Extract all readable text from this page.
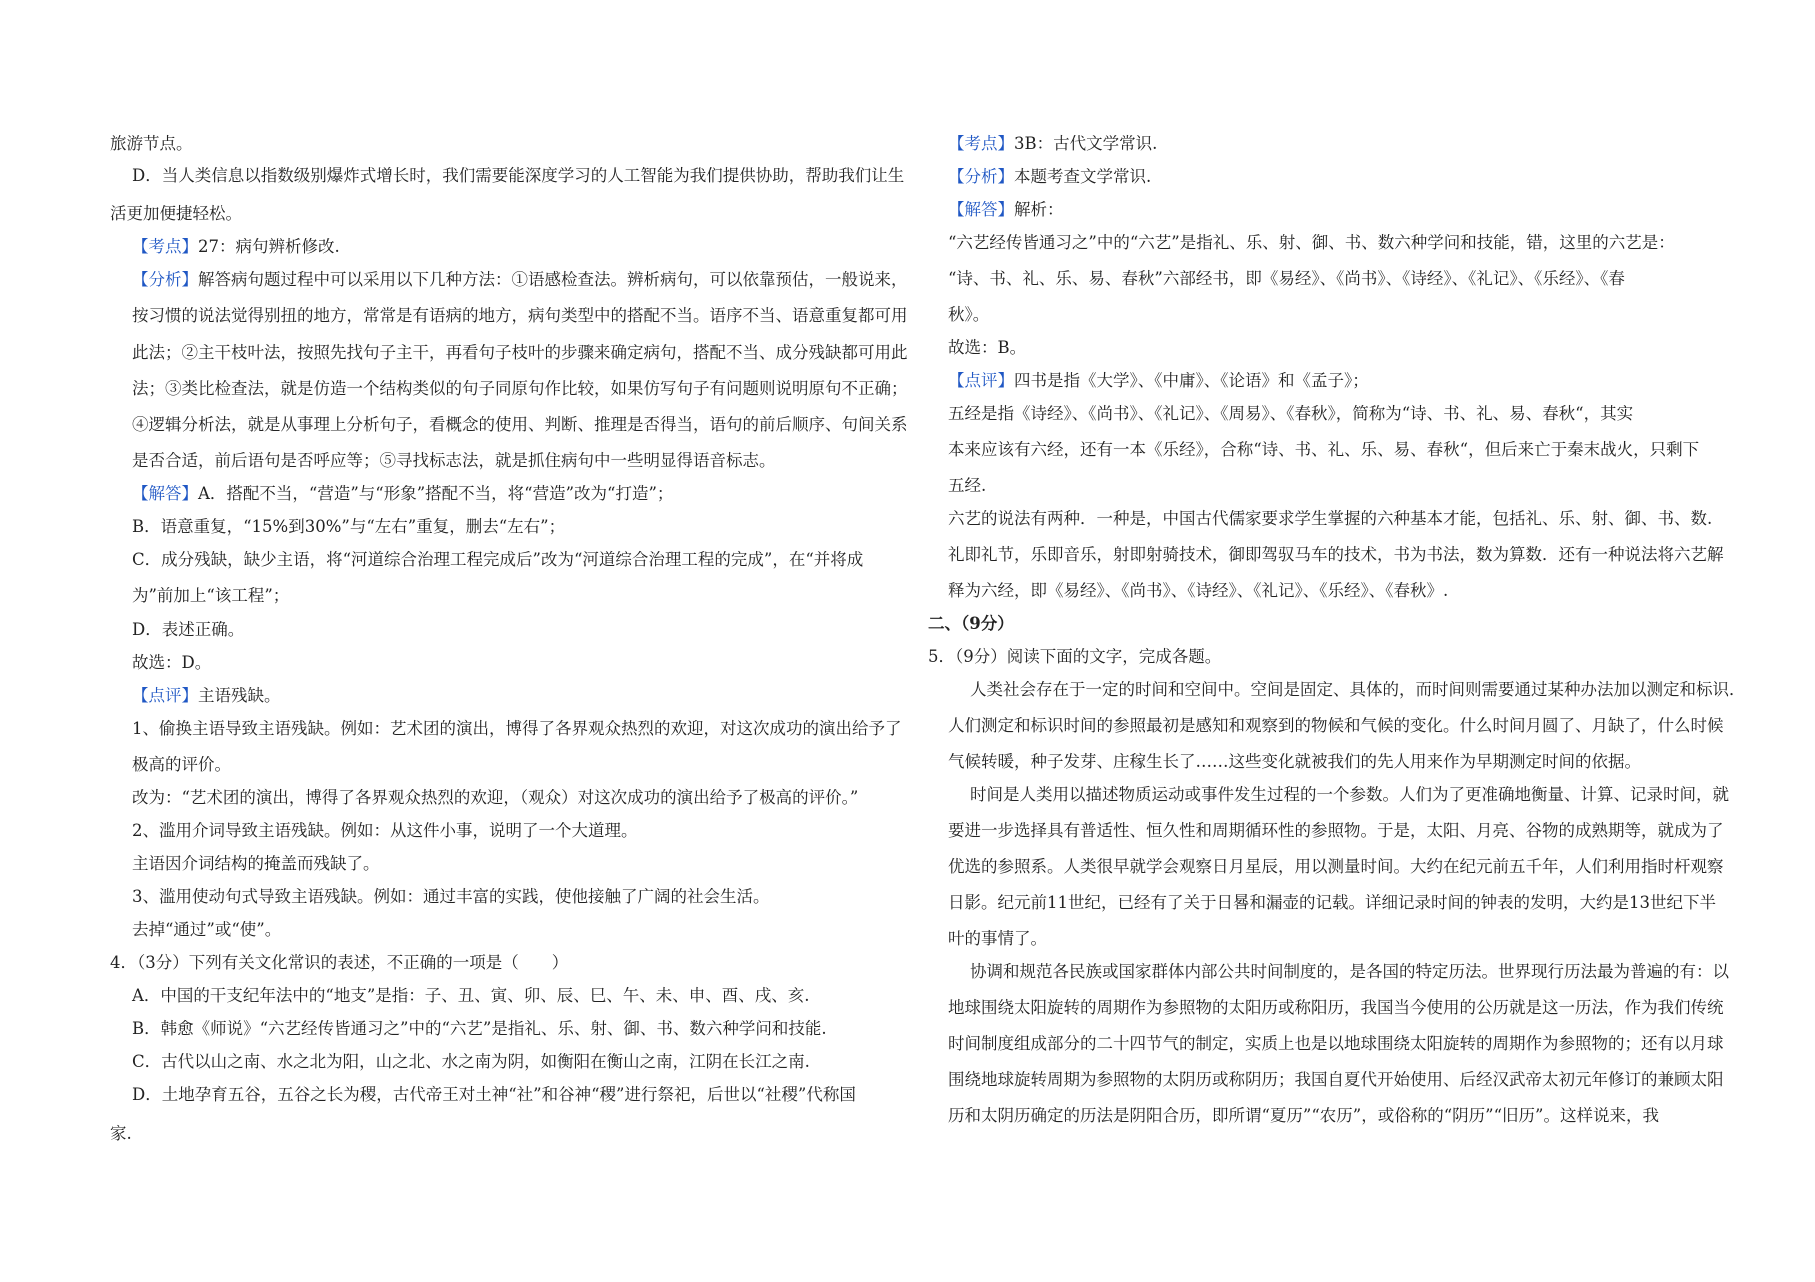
旅游节点。
D．当人类信息以指数级别爆炸式增长时，我们需要能深度学习的人工智能为我们提供协助，帮助我们让生
活更加便捷轻松。
【考点】27：病句辨析修改.
【分析】解答病句题过程中可以采用以下几种方法：①语感检查法。辨析病句，可以依靠预估，一般说来，
按习惯的说法觉得别扭的地方，常常是有语病的地方，病句类型中的搭配不当。语序不当、语意重复都可用
此法；②主干枝叶法，按照先找句子主干，再看句子枝叶的步骤来确定病句，搭配不当、成分残缺都可用此
法；③类比检查法，就是仿造一个结构类似的句子同原句作比较，如果仿写句子有问题则说明原句不正确；
④逻辑分析法，就是从事理上分析句子，看概念的使用、判断、推理是否得当，语句的前后顺序、句间关系
是否合适，前后语句是否呼应等；⑤寻找标志法，就是抓住病句中一些明显得语音标志。
【解答】A．搭配不当，“营造”与“形象”搭配不当，将“营造”改为“打造”；
B．语意重复，“15%到30%”与“左右”重复，删去“左右”；
C．成分残缺，缺少主语，将“河道综合治理工程完成后”改为“河道综合治理工程的完成”，在“并将成
为”前加上“该工程”；
D．表述正确。
故选：D。
【点评】主语残缺。
1、偷换主语导致主语残缺。例如：艺术团的演出，博得了各界观众热烈的欢迎，对这次成功的演出给予了
极高的评价。
改为：“艺术团的演出，博得了各界观众热烈的欢迎，（观众）对这次成功的演出给予了极高的评价。”
2、滥用介词导致主语残缺。例如：从这件小事，说明了一个大道理。
主语因介词结构的掩盖而残缺了。
3、滥用使动句式导致主语残缺。例如：通过丰富的实践，使他接触了广阔的社会生活。
去掉“通过”或“使”。
4．（3分）下列有关文化常识的表述，不正确的一项是（　　）
A．中国的干支纪年法中的“地支”是指：子、丑、寅、卯、辰、巳、午、未、申、酉、戌、亥.
B．韩愈《师说》“六艺经传皆通习之”中的“六艺”是指礼、乐、射、御、书、数六种学问和技能.
C．古代以山之南、水之北为阳，山之北、水之南为阴，如衡阳在衡山之南，江阴在长江之南.
D．土地孕育五谷，五谷之长为稷，古代帝王对土神“社”和谷神“稷”进行祭祀，后世以“社稷”代称国
家.
【考点】3B：古代文学常识.
【分析】本题考查文学常识.
【解答】解析：
“六艺经传皆通习之”中的“六艺”是指礼、乐、射、御、书、数六种学问和技能，错，这里的六艺是：
“诗、书、礼、乐、易、春秋”六部经书，即《易经》、《尚书》、《诗经》、《礼记》、《乐经》、《春
秋》。
故选：B。
【点评】四书是指《大学》、《中庸》、《论语》和《孟子》；
五经是指《诗经》、《尚书》、《礼记》、《周易》、《春秋》，简称为“诗、书、礼、易、春秋“，其实
本来应该有六经，还有一本《乐经》，合称“诗、书、礼、乐、易、春秋“，但后来亡于秦末战火，只剩下
五经.
六艺的说法有两种．一种是，中国古代儒家要求学生掌握的六种基本才能，包括礼、乐、射、御、书、数.
礼即礼节，乐即音乐，射即射骑技术，御即驾驭马车的技术，书为书法，数为算数．还有一种说法将六艺解
释为六经，即《易经》、《尚书》、《诗经》、《礼记》、《乐经》、《春秋》.
二、（9分）
5．（9分）阅读下面的文字，完成各题。
人类社会存在于一定的时间和空间中。空间是固定、具体的，而时间则需要通过某种办法加以测定和标识．
人们测定和标识时间的参照最初是感知和观察到的物候和气候的变化。什么时间月圆了、月缺了，什么时候
气候转暖，种子发芽、庄稼生长了……这些变化就被我们的先人用来作为早期测定时间的依据。
时间是人类用以描述物质运动或事件发生过程的一个参数。人们为了更准确地衡量、计算、记录时间，就
要进一步选择具有普适性、恒久性和周期循环性的参照物。于是，太阳、月亮、谷物的成熟期等，就成为了
优选的参照系。人类很早就学会观察日月星辰，用以测量时间。大约在纪元前五千年，人们利用指时杆观察
日影。纪元前11世纪，已经有了关于日晷和漏壶的记载。详细记录时间的钟表的发明，大约是13世纪下半
叶的事情了。
协调和规范各民族或国家群体内部公共时间制度的，是各国的特定历法。世界现行历法最为普遍的有：以
地球围绕太阳旋转的周期作为参照物的太阳历或称阳历，我国当今使用的公历就是这一历法，作为我们传统
时间制度组成部分的二十四节气的制定，实质上也是以地球围绕太阳旋转的周期作为参照物的；还有以月球
围绕地球旋转周期为参照物的太阴历或称阴历；我国自夏代开始使用、后经汉武帝太初元年修订的兼顾太阳
历和太阴历确定的历法是阴阳合历，即所谓“夏历”“农历”，或俗称的“阴历”“旧历”。这样说来，我
